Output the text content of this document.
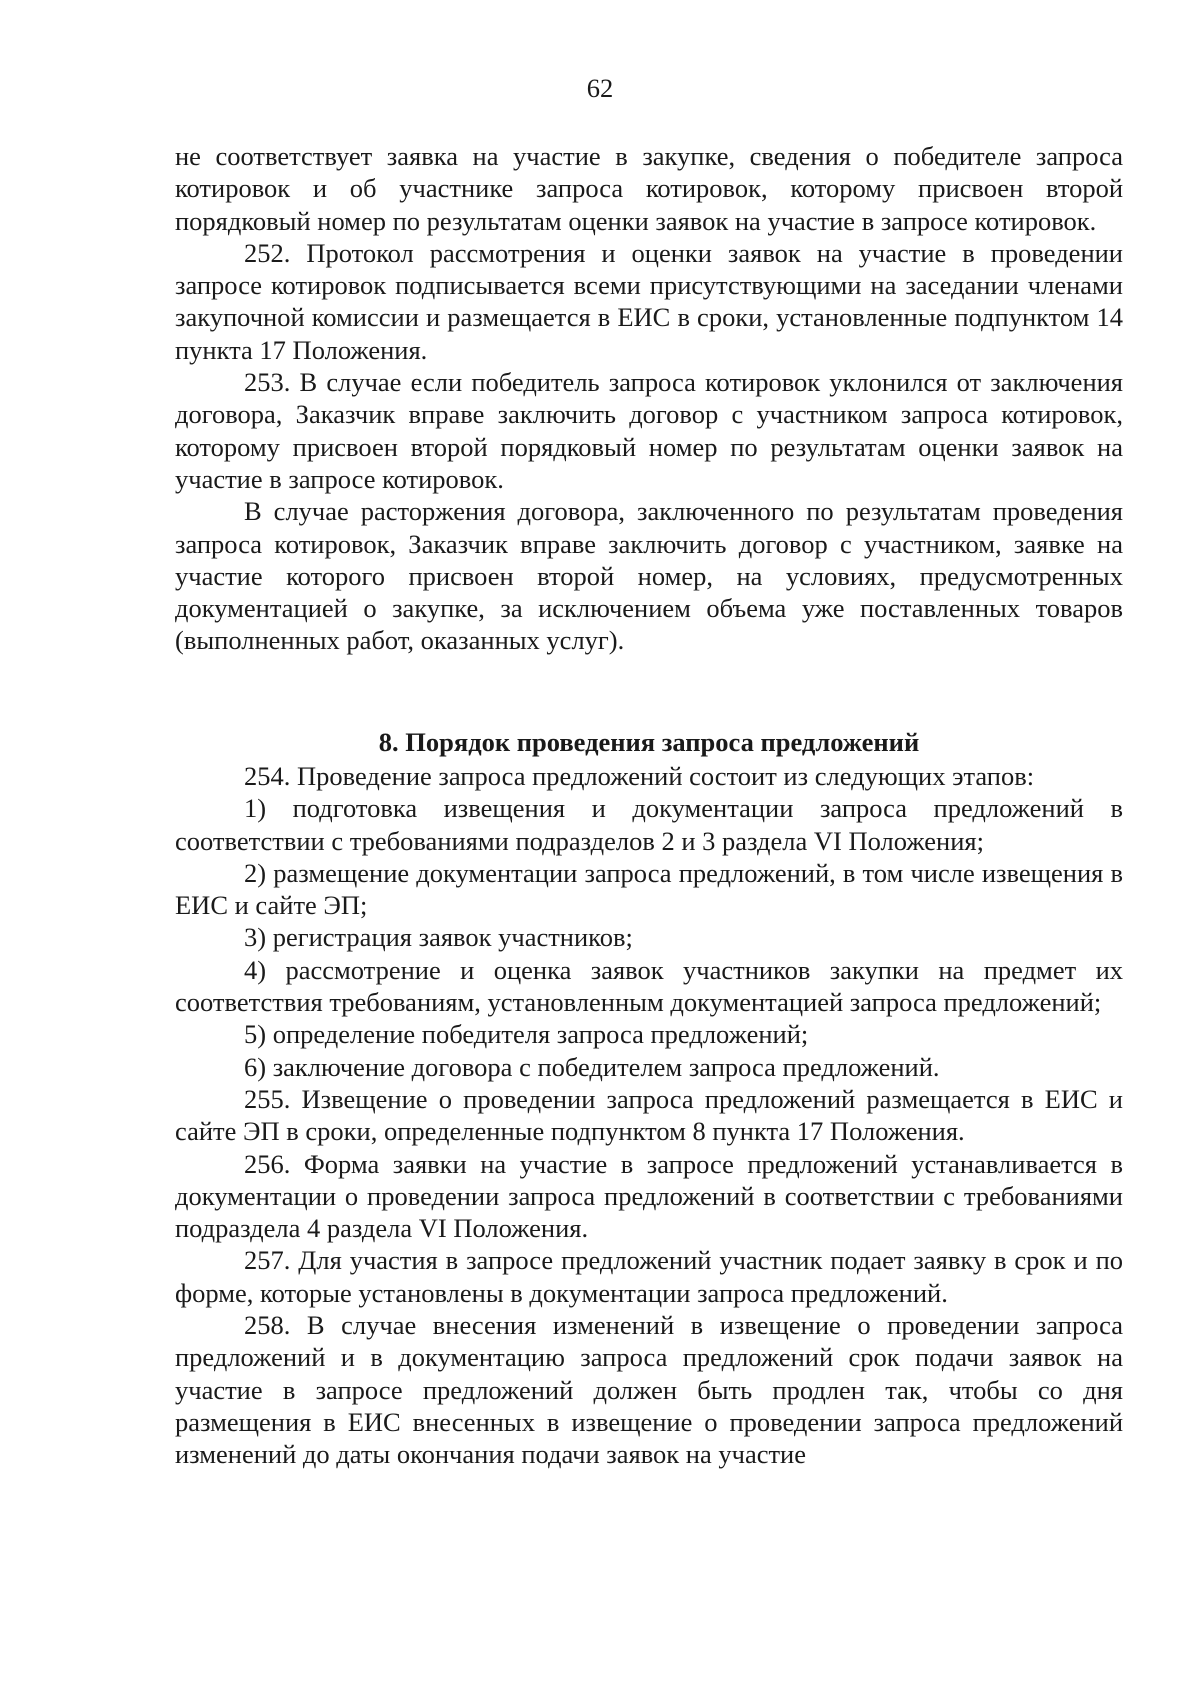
62

не соответствует заявка на участие в закупке, сведения о победителе запроса котировок и об участнике запроса котировок, которому присвоен второй порядковый номер по результатам оценки заявок на участие в запросе котировок.

252. Протокол рассмотрения и оценки заявок на участие в проведении запросе котировок подписывается всеми присутствующими на заседании членами закупочной комиссии и размещается в ЕИС в сроки, установленные подпунктом 14 пункта 17 Положения.

253. В случае если победитель запроса котировок уклонился от заключения договора, Заказчик вправе заключить договор с участником запроса котировок, которому присвоен второй порядковый номер по результатам оценки заявок на участие в запросе котировок.

В случае расторжения договора, заключенного по результатам проведения запроса котировок, Заказчик вправе заключить договор с участником, заявке на участие которого присвоен второй номер, на условиях, предусмотренных документацией о закупке, за исключением объема уже поставленных товаров (выполненных работ, оказанных услуг).

8. Порядок проведения запроса предложений

254. Проведение запроса предложений состоит из следующих этапов:

1) подготовка извещения и документации запроса предложений в соответствии с требованиями подразделов 2 и 3 раздела VI Положения;

2) размещение документации запроса предложений, в том числе извещения в ЕИС и сайте ЭП;

3) регистрация заявок участников;

4) рассмотрение и оценка заявок участников закупки на предмет их соответствия требованиям, установленным документацией запроса предложений;

5) определение победителя запроса предложений;

6) заключение договора с победителем запроса предложений.

255. Извещение о проведении запроса предложений размещается в ЕИС и сайте ЭП в сроки, определенные подпунктом 8 пункта 17 Положения.

256. Форма заявки на участие в запросе предложений устанавливается в документации о проведении запроса предложений в соответствии с требованиями подраздела 4 раздела VI Положения.

257. Для участия в запросе предложений участник подает заявку в срок и по форме, которые установлены в документации запроса предложений.

258. В случае внесения изменений в извещение о проведении запроса предложений и в документацию запроса предложений срок подачи заявок на участие в запросе предложений должен быть продлен так, чтобы со дня размещения в ЕИС внесенных в извещение о проведении запроса предложений изменений до даты окончания подачи заявок на участие
